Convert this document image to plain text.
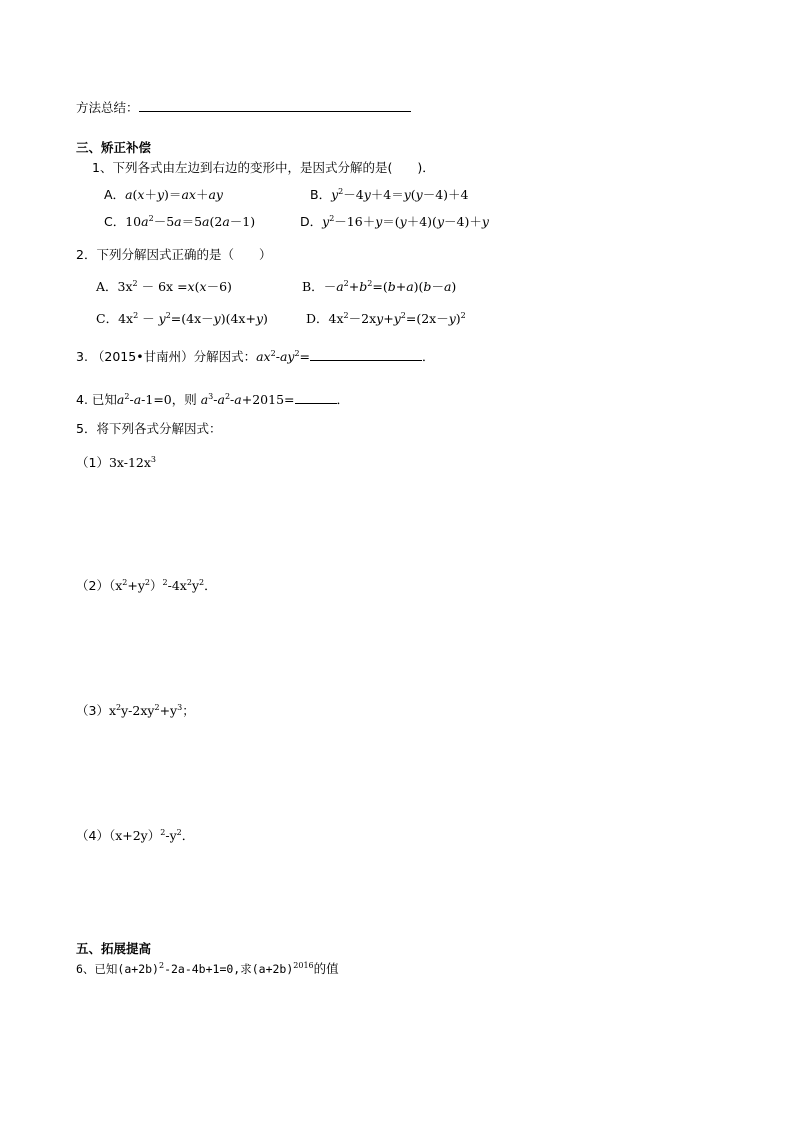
方法总结：
三、矫正补偿
1、下列各式由左边到右边的变形中，是因式分解的是(　　)．
A．a(x＋y)＝ax＋ay	B．$y^2-4y+4=y(y-4)+4$
C．$10a^2-5a=5a(2a-1)$	D．$y^2-16+y=(y+4)(y-4)+y$
2．下列分解因式正确的是（　　）
A．$3x^2 - 6x =x(x-6)$	B．$-a^2+b^2=(b+a)(b-a)$
C．$4x^2 - y^2=(4x-y)(4x+y)$	D．$4x^2-2xy+y^2=(2x-y)^2$
3. （2015•甘南州）分解因式：$ax^2-ay^2=$	．
4. 已知$a^2-a-1=0$，则 $a^3-a^2-a+2015=$	．
5．将下列各式分解因式：
$(1)3x-12x^3$
$(2)(x^2+y^2)^2-4x^2y^2$．
$(3)x^2y-2xy^2+y^3$；
$(4)(x+2y)^2-y^2$．
五、拓展提高
6、已知$(a+2b)^2-2a-4b+1=0$,求$(a+2b)^{2016}$的值
